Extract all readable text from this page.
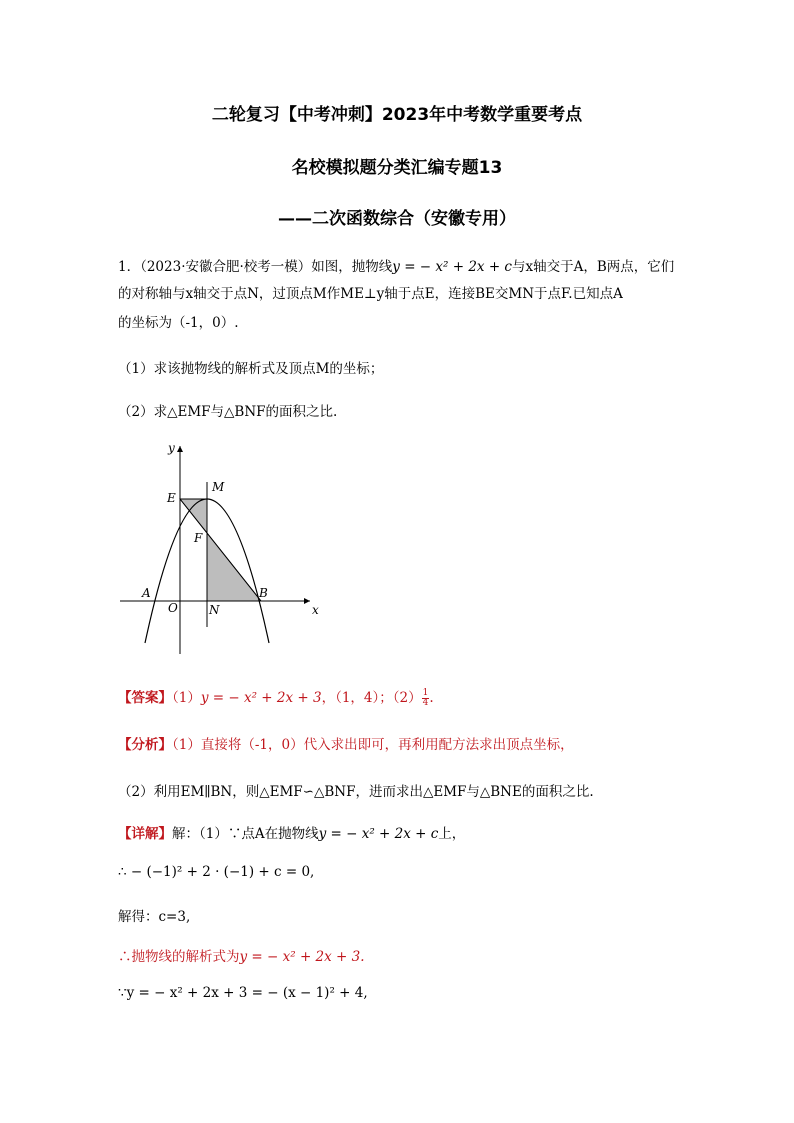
二轮复习【中考冲刺】2023年中考数学重要考点
名校模拟题分类汇编专题13
——二次函数综合（安徽专用）
1．（2023·安徽合肥·校考一模）如图，抛物线y = − x² + 2x + c与x轴交于A，B两点，它们
的对称轴与x轴交于点N，过顶点M作ME⊥y轴于点E，连接BE交MN于点F.已知点A
的坐标为（-1，0）.
（1）求该抛物线的解析式及顶点M的坐标；
（2）求△EMF与△BNF的面积之比.
y
x
E
M
F
A
O	N
B
【答案】（1）y = − x² + 2x + 3，（1，4）；$(2) \frac{1}{4}$ .
【分析】（1）直接将（-1，0）代入求出即可，再利用配方法求出顶点坐标，
（2）利用EM∥BN，则△EMF∽△BNF，进而求出△EMF与△BNE的面积之比.
【详解】解：（1）∵点A在抛物线y = − x² + 2x + c上，
∴ − (−1)² + 2 · (−1) + c = 0,
解得：c=3,
∴抛物线的解析式为y = − x² + 2x + 3.
∵y = − x² + 2x + 3 = − (x − 1)² + 4,
